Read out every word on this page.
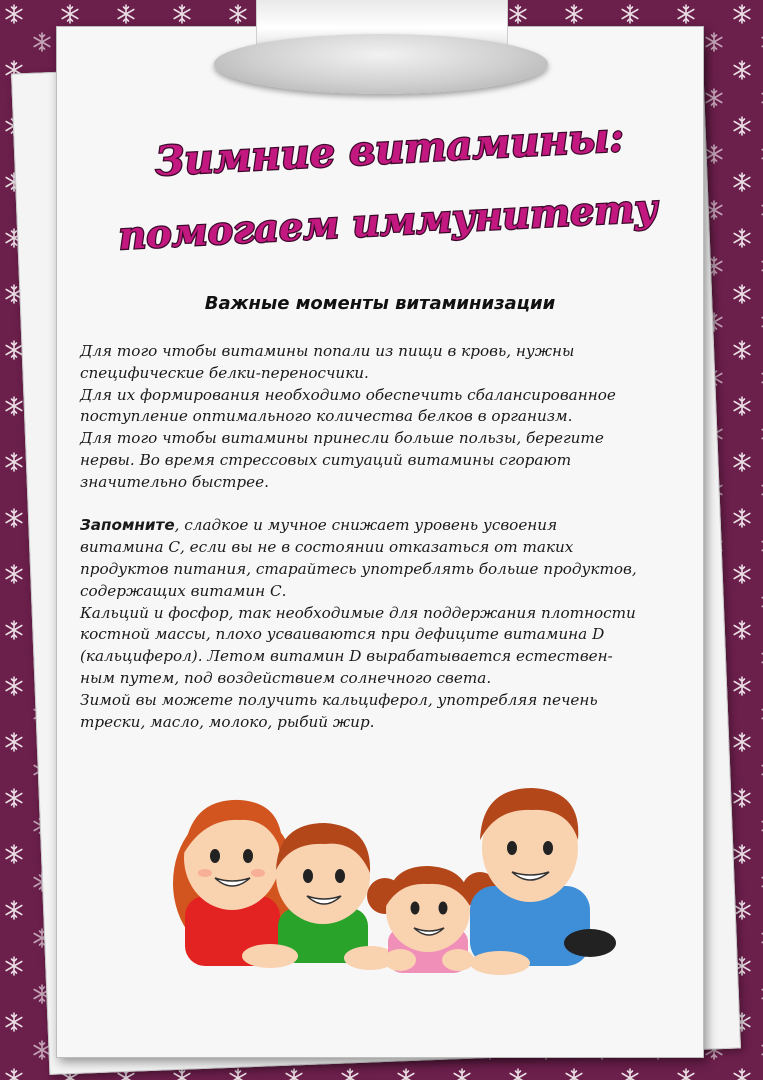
Зимние витамины:
помогаем иммунитету
Важные моменты витаминизации
Для того чтобы витамины попали из пищи в кровь, нужны
специфические белки-переносчики.
Для их формирования необходимо обеспечить сбалансированное
поступление оптимального количества белков в организм.
Для того чтобы витамины принесли больше пользы, берегите
нервы. Во время стрессовых ситуаций витамины сгорают
значительно быстрее.
Запомните, сладкое и мучное снижает уровень усвоения
витамина С, если вы не в состоянии отказаться от таких
продуктов питания, старайтесь употреблять больше продуктов,
содержащих витамин С.
Кальций и фосфор, так необходимые для поддержания плотности
костной массы, плохо усваиваются при дефиците витамина D
(кальциферол). Летом витамин D вырабатывается естествен-
ным путем, под воздействием солнечного света.
Зимой вы можете получить кальциферол, употребляя печень
трески, масло, молоко, рыбий жир.
